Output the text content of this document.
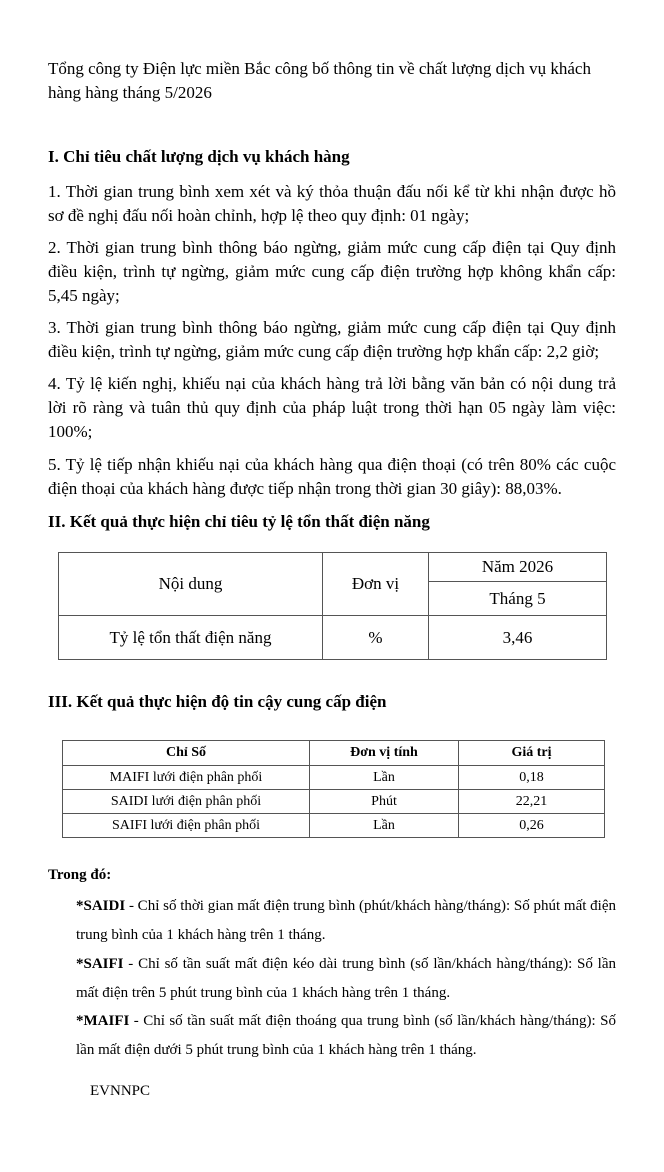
Tổng công ty Điện lực miền Bắc công bố thông tin về chất lượng dịch vụ khách hàng hàng tháng 5/2026
I. Chỉ tiêu chất lượng dịch vụ khách hàng
1. Thời gian trung bình xem xét và ký thỏa thuận đấu nối kể từ khi nhận được hồ sơ đề nghị đấu nối hoàn chỉnh, hợp lệ theo quy định: 01 ngày;
2. Thời gian trung bình thông báo ngừng, giảm mức cung cấp điện tại Quy định điều kiện, trình tự ngừng, giảm mức cung cấp điện trường hợp không khẩn cấp: 5,45 ngày;
3. Thời gian trung bình thông báo ngừng, giảm mức cung cấp điện tại Quy định điều kiện, trình tự ngừng, giảm mức cung cấp điện trường hợp khẩn cấp: 2,2 giờ;
4. Tỷ lệ kiến nghị, khiếu nại của khách hàng trả lời bằng văn bản có nội dung trả lời rõ ràng và tuân thủ quy định của pháp luật trong thời hạn 05 ngày làm việc: 100%;
5. Tỷ lệ tiếp nhận khiếu nại của khách hàng qua điện thoại (có trên 80% các cuộc điện thoại của khách hàng được tiếp nhận trong thời gian 30 giây): 88,03%.
II. Kết quả thực hiện chỉ tiêu tỷ lệ tổn thất điện năng
Nội dung	Đơn vị	Năm 2026
		Tháng 5
Tỷ lệ tổn thất điện năng	%	3,46
III. Kết quả thực hiện độ tin cậy cung cấp điện
Chỉ Số	Đơn vị tính	Giá trị
MAIFI lưới điện phân phối	Lần	0,18
SAIDI lưới điện phân phối	Phút	22,21
SAIFI lưới điện phân phối	Lần	0,26
Trong đó:
*SAIDI - Chỉ số thời gian mất điện trung bình (phút/khách hàng/tháng): Số phút mất điện trung bình của 1 khách hàng trên 1 tháng.
*SAIFI - Chỉ số tần suất mất điện kéo dài trung bình (số lần/khách hàng/tháng): Số lần mất điện trên 5 phút trung bình của 1 khách hàng trên 1 tháng.
*MAIFI - Chỉ số tần suất mất điện thoáng qua trung bình (số lần/khách hàng/tháng): Số lần mất điện dưới 5 phút trung bình của 1 khách hàng trên 1 tháng.
EVNNPC
